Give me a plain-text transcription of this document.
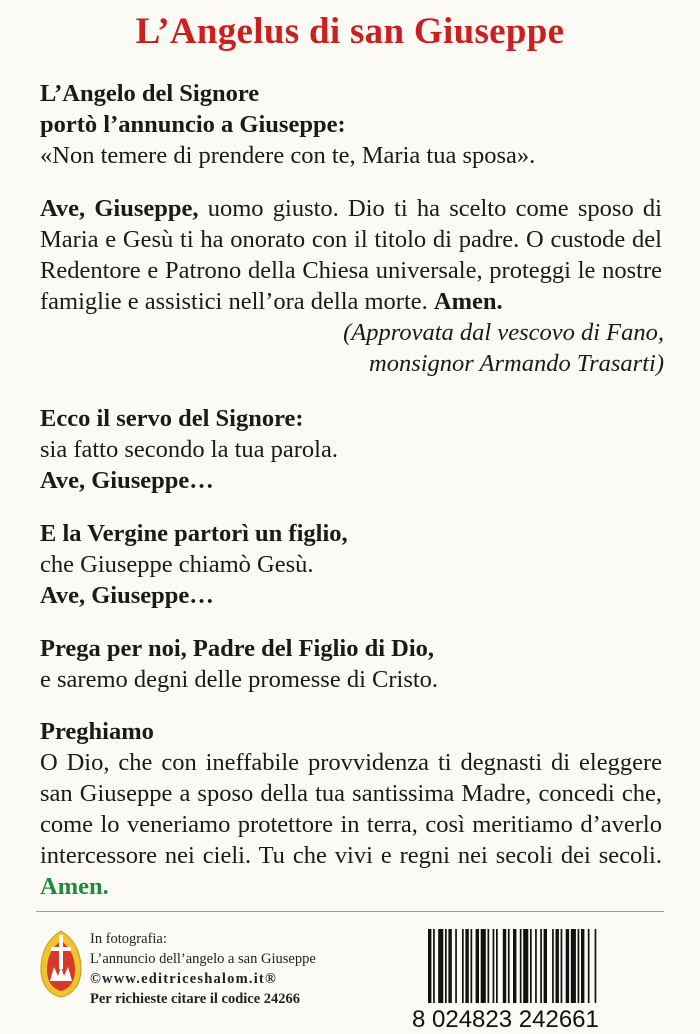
L’Angelus di san Giuseppe

L’Angelo del Signore

portò l’annuncio a Giuseppe:

«Non temere di prendere con te, Maria tua sposa».

Ave, Giuseppe, uomo giusto. Dio ti ha scelto come sposo di Maria e Gesù ti ha onorato con il titolo di padre. O custode del Redentore e Patrono della Chiesa universale, proteggi le nostre famiglie e assistici nell’ora della morte. Amen.

(Approvata dal vescovo di Fano,
monsignor Armando Trasarti)

Ecco il servo del Signore:

sia fatto secondo la tua parola.

Ave, Giuseppe…

E la Vergine partorì un figlio,

che Giuseppe chiamò Gesù.

Ave, Giuseppe…

Prega per noi, Padre del Figlio di Dio,

e saremo degni delle promesse di Cristo.

Preghiamo

O Dio, che con ineffabile provvidenza ti degnasti di eleggere san Giuseppe a sposo della tua santissima Madre, concedi che, come lo veneriamo protettore in terra, così meritiamo d’averlo intercessore nei cieli. Tu che vivi e regni nei secoli dei secoli. Amen.

In fotografia:
L’annuncio dell’angelo a san Giuseppe
©www.editriceshalom.it®
Per richieste citare il codice 24266
8 024823 242661
